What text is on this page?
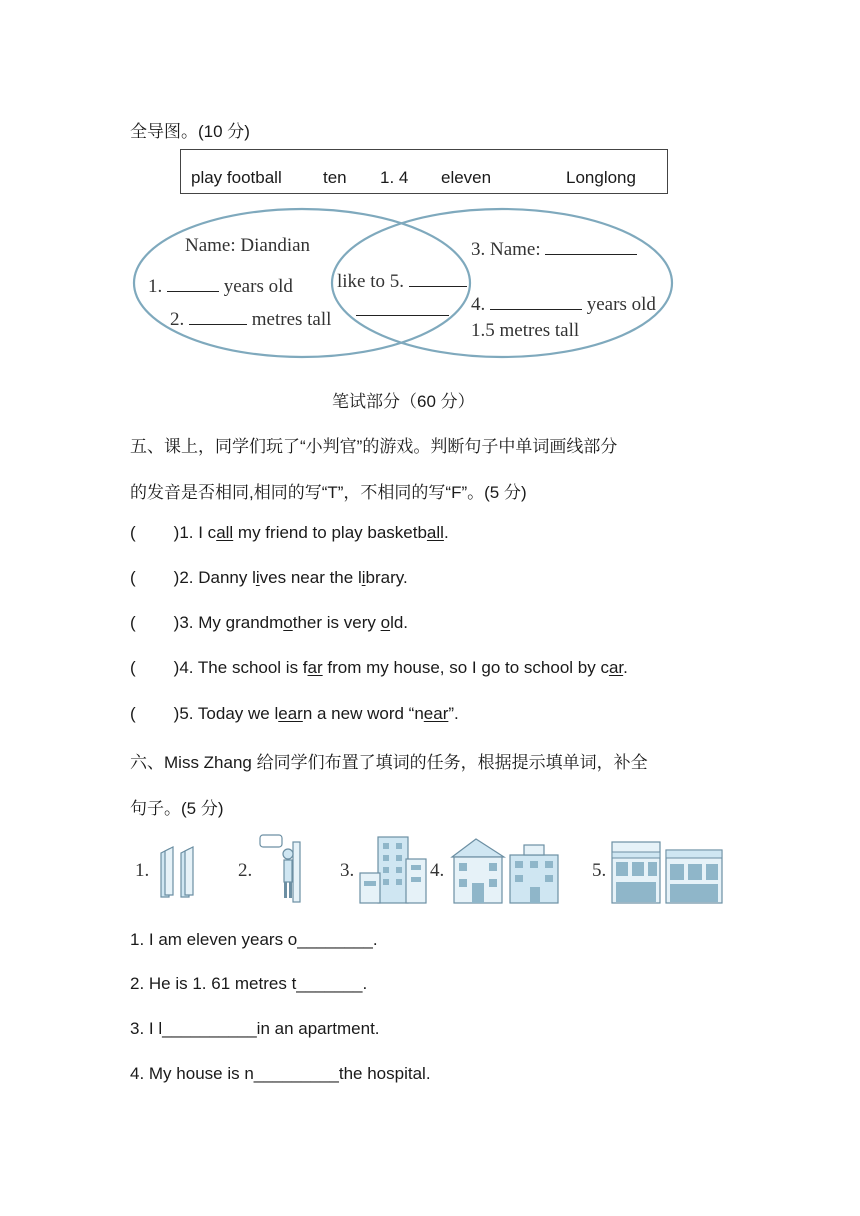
全导图。(10 分)
play football ten 1. 4 eleven	Longlong
Name: Diandian
1.	years old
2.	metres tall
like to 5.
3. Name:
4.	years old
1.5 metres tall
笔试部分（60 分）
五、课上，同学们玩了“小判官”的游戏。判断句子中单词画线部分
的发音是否相同,相同的写“T”，不相同的写“F”。(5 分)
( )1. I call my friend to play basketball.
( )2. Danny lives near the library.
( )3. My grandmother is very old.
( )4. The school is far from my house, so I go to school by car.
( )5. Today we learn a new word “near”.
六、Miss Zhang 给同学们布置了填词的任务，根据提示填单词，补全
句子。(5 分)
1.	2.	3.	4.	5.
1. I am eleven years o________.
2. He is 1. 61 metres t_______.
3. I l__________in an apartment.
4. My house is n_________the hospital.
